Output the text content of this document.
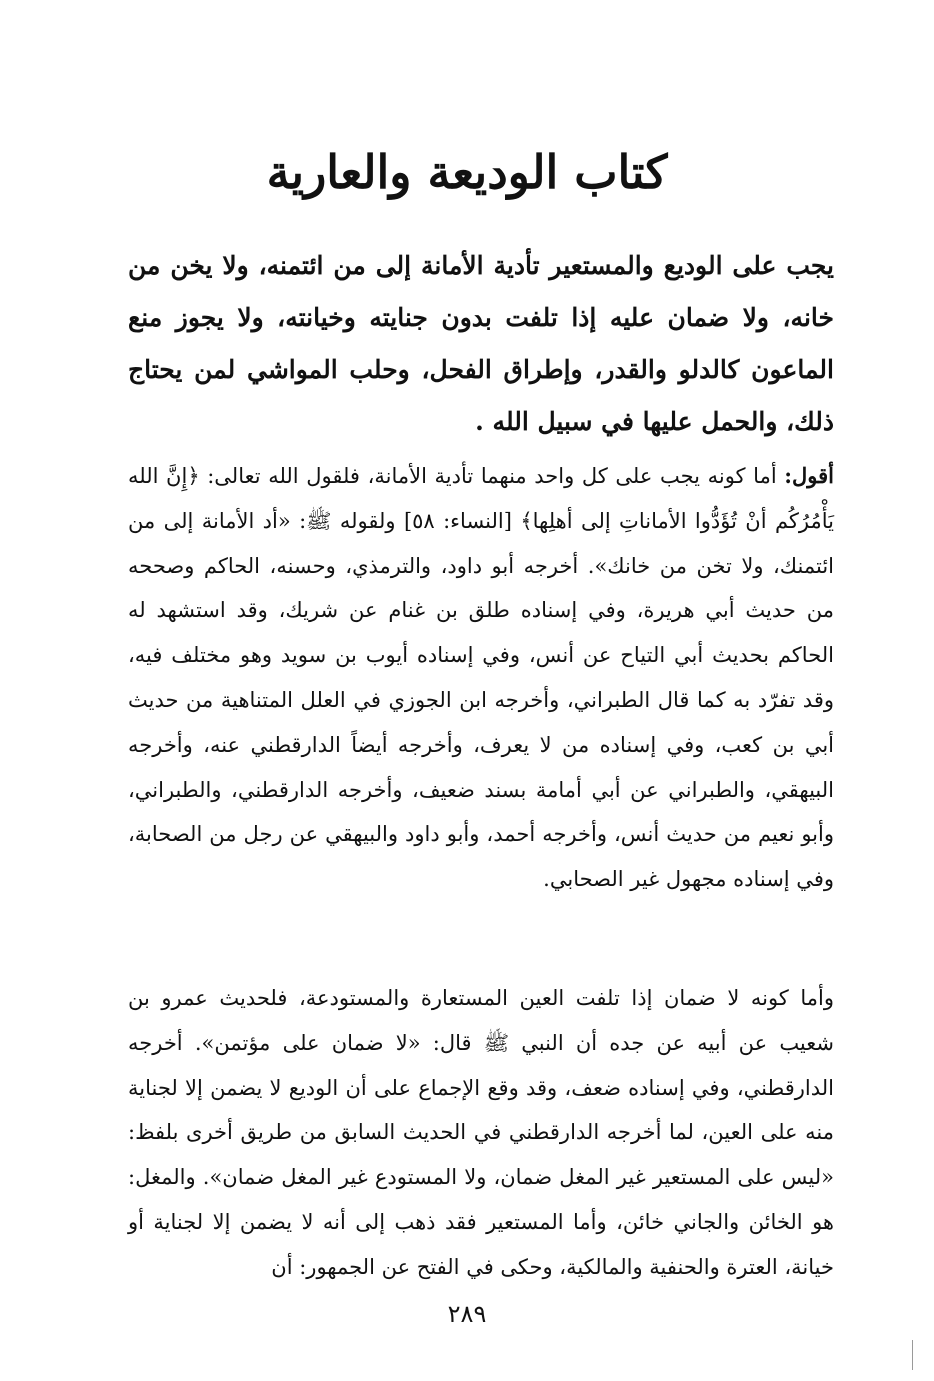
كتاب الوديعة والعارية

يجب على الوديع والمستعير تأدية الأمانة إلى من ائتمنه، ولا يخن من خانه، ولا ضمان عليه إذا تلفت بدون جنايته وخيانته، ولا يجوز منع الماعون كالدلو والقدر، وإطراق الفحل، وحلب المواشي لمن يحتاج ذلك، والحمل عليها في سبيل الله .

أقول: أما كونه يجب على كل واحد منهما تأدية الأمانة، فلقول الله تعالى: ﴿إِنَّ الله يَأْمُرُكُم أنْ تُؤَدُّوا الأماناتِ إلى أهلِها﴾ [النساء: ٥٨] ولقوله ﷺ: «أد الأمانة إلى من ائتمنك، ولا تخن من خانك». أخرجه أبو داود، والترمذي، وحسنه، الحاكم وصححه من حديث أبي هريرة، وفي إسناده طلق بن غنام عن شريك، وقد استشهد له الحاكم بحديث أبي التياح عن أنس، وفي إسناده أيوب بن سويد وهو مختلف فيه، وقد تفرّد به كما قال الطبراني، وأخرجه ابن الجوزي في العلل المتناهية من حديث أبي بن كعب، وفي إسناده من لا يعرف، وأخرجه أيضاً الدارقطني عنه، وأخرجه البيهقي، والطبراني عن أبي أمامة بسند ضعيف، وأخرجه الدارقطني، والطبراني، وأبو نعيم من حديث أنس، وأخرجه أحمد، وأبو داود والبيهقي عن رجل من الصحابة، وفي إسناده مجهول غير الصحابي.

وأما كونه لا ضمان إذا تلفت العين المستعارة والمستودعة، فلحديث عمرو بن شعيب عن أبيه عن جده أن النبي ﷺ قال: «لا ضمان على مؤتمن». أخرجه الدارقطني، وفي إسناده ضعف، وقد وقع الإجماع على أن الوديع لا يضمن إلا لجناية منه على العين، لما أخرجه الدارقطني في الحديث السابق من طريق أخرى بلفظ: «ليس على المستعير غير المغل ضمان، ولا المستودع غير المغل ضمان». والمغل: هو الخائن والجاني خائن، وأما المستعير فقد ذهب إلى أنه لا يضمن إلا لجناية أو خيانة، العترة والحنفية والمالكية، وحكى في الفتح عن الجمهور: أن

٢٨٩
